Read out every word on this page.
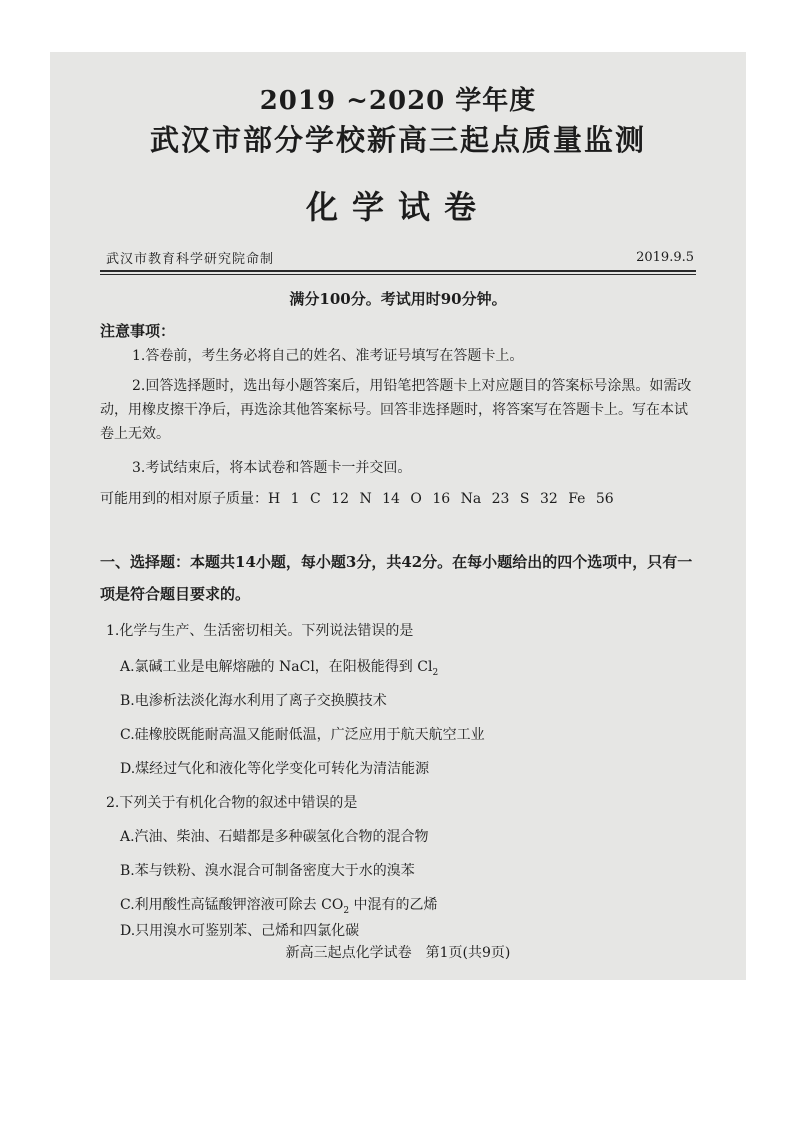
2019 ~2020 学年度
武汉市部分学校新高三起点质量监测
化学试卷
武汉市教育科学研究院命制	2019.9.5
满分100分。考试用时90分钟。
注意事项：
1.答卷前，考生务必将自己的姓名、准考证号填写在答题卡上。
2.回答选择题时，选出每小题答案后，用铅笔把答题卡上对应题目的答案标号涂黑。如需改动，用橡皮擦干净后，再选涂其他答案标号。回答非选择题时，将答案写在答题卡上。写在本试卷上无效。
3.考试结束后，将本试卷和答题卡一并交回。
可能用到的相对原子质量：H 1 C 12 N 14 O 16 Na 23 S 32 Fe 56
一、选择题：本题共14小题，每小题3分，共42分。在每小题给出的四个选项中，只有一项是符合题目要求的。
1.化学与生产、生活密切相关。下列说法错误的是
A.氯碱工业是电解熔融的 NaCl，在阳极能得到 $Cl_2$
B.电渗析法淡化海水利用了离子交换膜技术
C.硅橡胶既能耐高温又能耐低温，广泛应用于航天航空工业
D.煤经过气化和液化等化学变化可转化为清洁能源
2.下列关于有机化合物的叙述中错误的是
A.汽油、柴油、石蜡都是多种碳氢化合物的混合物
B.苯与铁粉、溴水混合可制备密度大于水的溴苯
C.利用酸性高锰酸钾溶液可除去 $CO_2$ 中混有的乙烯
D.只用溴水可鉴别苯、己烯和四氯化碳
新高三起点化学试卷　第1页(共9页)
